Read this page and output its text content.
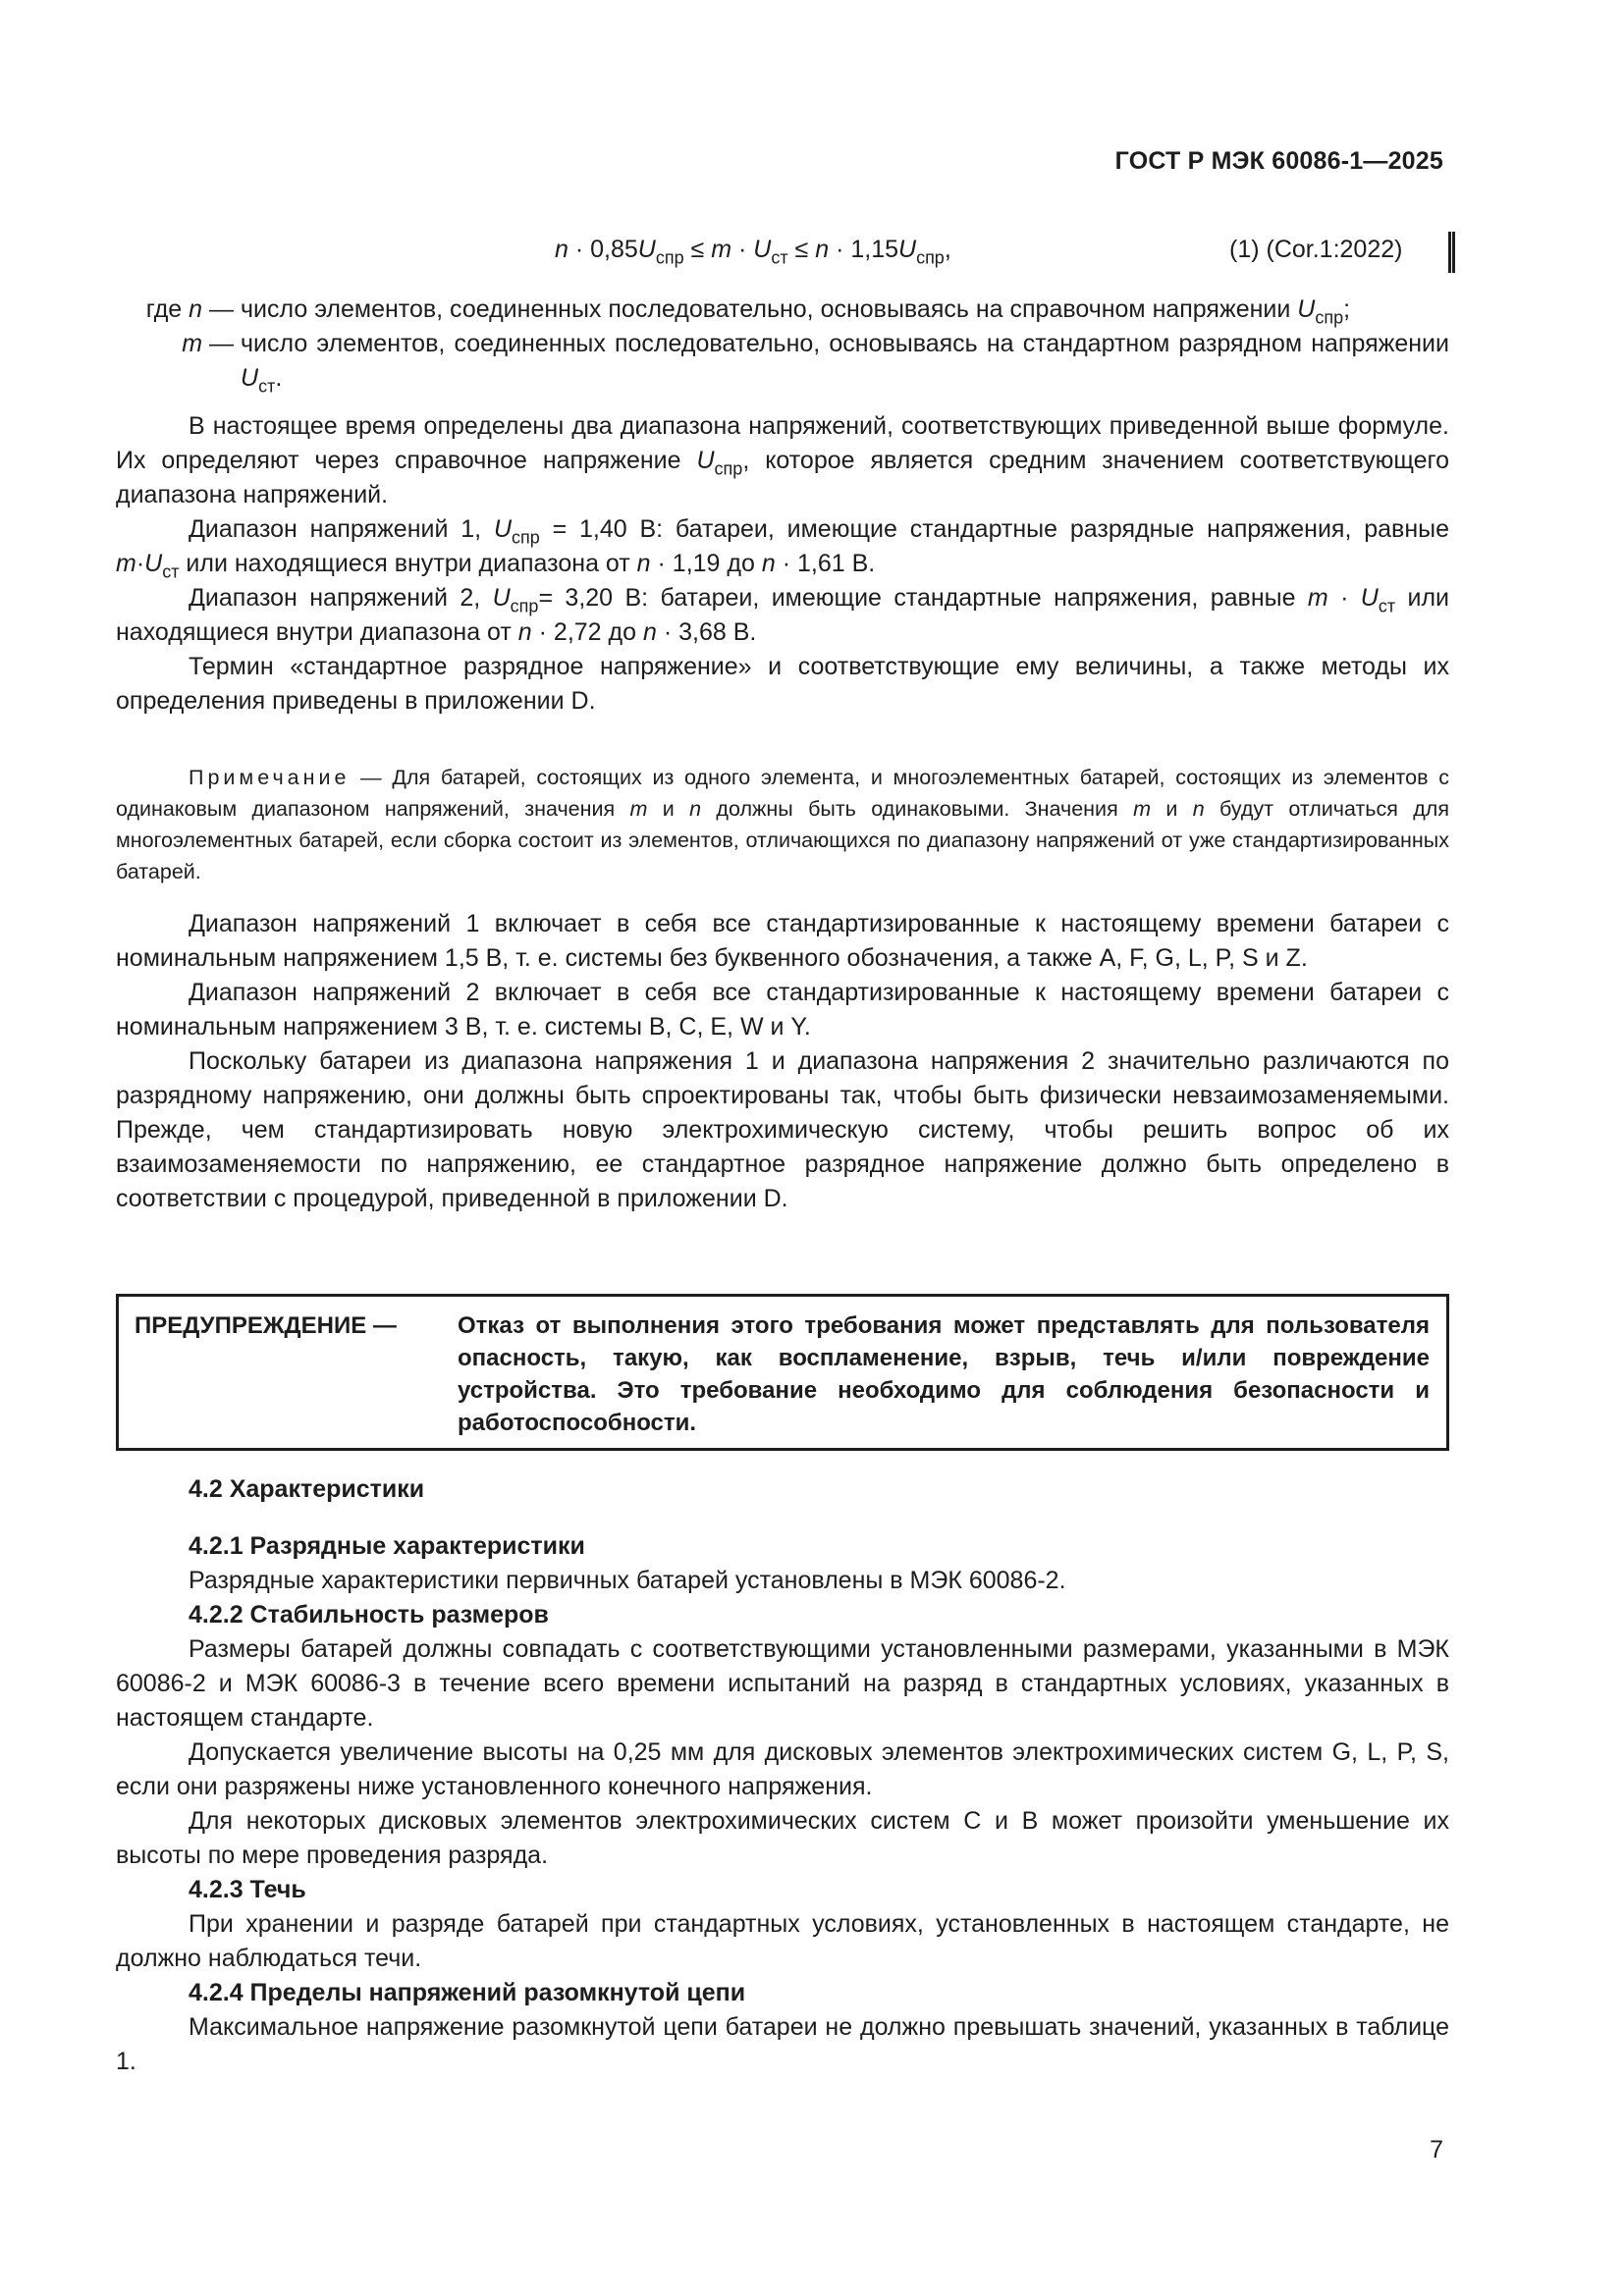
ГОСТ Р МЭК 60086-1—2025
$n \cdot 0,85U_{спр} \le m \cdot U_{ст} \le n \cdot 1,15U_{спр}$,	(1) (Cor.1:2022)
где n — число элементов, соединенных последовательно, основываясь на справочном напряжении $U_{спр}$;
m — число элементов, соединенных последовательно, основываясь на стандартном разрядном напряжении $U_{ст}$.

В настоящее время определены два диапазона напряжений, соответствующих приведенной выше формуле. Их определяют через справочное напряжение $U_{спр}$, которое является средним значением соответствующего диапазона напряжений.

Диапазон напряжений 1, $U_{спр} = 1,40$ В: батареи, имеющие стандартные разрядные напряжения, равные $m\cdot U_{ст}$ или находящиеся внутри диапазона от n · 1,19 до n · 1,61 В.

Диапазон напряжений 2, $U_{спр}= 3,20$ В: батареи, имеющие стандартные напряжения, равные $m \cdot U_{ст}$ или находящиеся внутри диапазона от n · 2,72 до n · 3,68 В.

Термин «стандартное разрядное напряжение» и соответствующие ему величины, а также методы их определения приведены в приложении D.

Примечание — Для батарей, состоящих из одного элемента, и многоэлементных батарей, состоящих из элементов с одинаковым диапазоном напряжений, значения m и n должны быть одинаковыми. Значения m и n будут отличаться для многоэлементных батарей, если сборка состоит из элементов, отличающихся по диапазону напряжений от уже стандартизированных батарей.

Диапазон напряжений 1 включает в себя все стандартизированные к настоящему времени батареи с номинальным напряжением 1,5 В, т. е. системы без буквенного обозначения, а также A, F, G, L, P, S и Z.

Диапазон напряжений 2 включает в себя все стандартизированные к настоящему времени батареи с номинальным напряжением 3 В, т. е. системы B, C, E, W и Y.

Поскольку батареи из диапазона напряжения 1 и диапазона напряжения 2 значительно различаются по разрядному напряжению, они должны быть спроектированы так, чтобы быть физически невзаимозаменяемыми. Прежде, чем стандартизировать новую электрохимическую систему, чтобы решить вопрос об их взаимозаменяемости по напряжению, ее стандартное разрядное напряжение должно быть определено в соответствии с процедурой, приведенной в приложении D.

ПРЕДУПРЕЖДЕНИЕ —	Отказ от выполнения этого требования может представлять для пользователя опасность, такую, как воспламенение, взрыв, течь и/или повреждение устройства. Это требование необходимо для соблюдения безопасности и работоспособности.

4.2 Характеристики

4.2.1 Разрядные характеристики

Разрядные характеристики первичных батарей установлены в МЭК 60086-2.

4.2.2 Стабильность размеров

Размеры батарей должны совпадать с соответствующими установленными размерами, указанными в МЭК 60086-2 и МЭК 60086-3 в течение всего времени испытаний на разряд в стандартных условиях, указанных в настоящем стандарте.

Допускается увеличение высоты на 0,25 мм для дисковых элементов электрохимических систем G, L, P, S, если они разряжены ниже установленного конечного напряжения.

Для некоторых дисковых элементов электрохимических систем C и B может произойти уменьшение их высоты по мере проведения разряда.

4.2.3 Течь

При хранении и разряде батарей при стандартных условиях, установленных в настоящем стандарте, не должно наблюдаться течи.

4.2.4 Пределы напряжений разомкнутой цепи

Максимальное напряжение разомкнутой цепи батареи не должно превышать значений, указанных в таблице 1.

7
